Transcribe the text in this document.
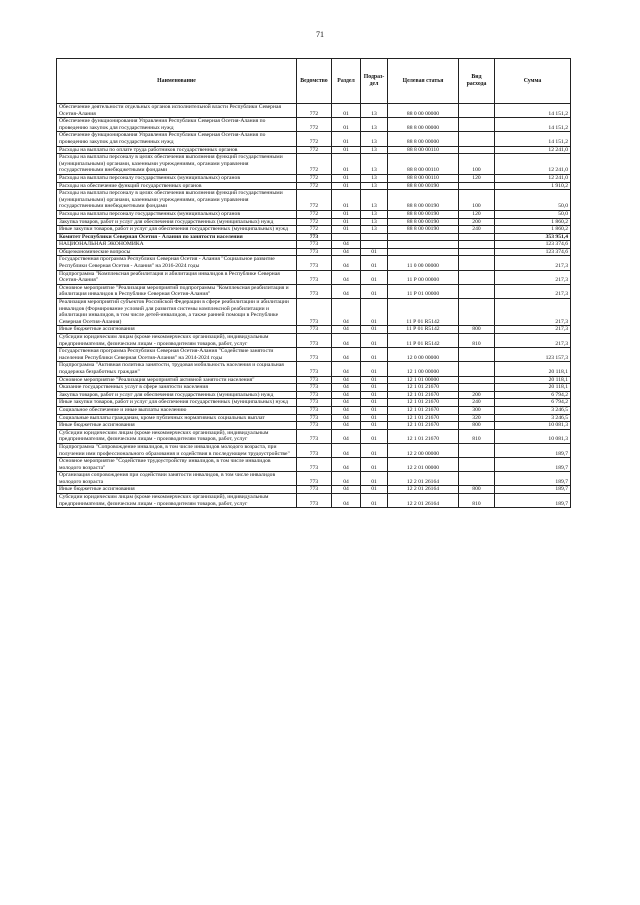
71
Наименование	Ведомство	Раздел	Подраз-дел	Целевая статья	Вид расхода	Сумма
Обеспечение деятельности отдельных органов исполнительной власти Республики Северная Осетия-Алания	772	01	13	88 0 00 00000		14 151,2
Обеспечение функционирования Управления Республики Северная Осетия-Алания по проведению закупок для государственных нужд	772	01	13	88 8 00 00000		14 151,2
Обеспечение функционирования Управления Республики Северная Осетия-Алания по проведению закупок для государственных нужд	772	01	13	88 8 00 00000		14 151,2
Расходы на выплаты по оплате труда работников государственных органов	772	01	13	88 8 00 00110		12 241,0
Расходы на выплаты персоналу в целях обеспечения выполнения функций государственными (муниципальными) органами, казенными учреждениями, органами управления государственными внебюджетными фондами	772	01	13	88 8 00 00110	100	12 241,0
Расходы на выплаты персоналу государственных (муниципальных) органов	772	01	13	88 8 00 00110	120	12 241,0
Расходы на обеспечение функций государственных органов	772	01	13	88 8 00 00190		1 910,2
Расходы на выплаты персоналу в целях обеспечения выполнения функций государственными (муниципальными) органами, казенными учреждениями, органами управления государственными внебюджетными фондами	772	01	13	88 8 00 00190	100	50,0
Расходы на выплаты персоналу государственных (муниципальных) органов	772	01	13	88 8 00 00190	120	50,0
Закупка товаров, работ и услуг для обеспечения государственных (муниципальных) нужд	772	01	13	88 8 00 00190	200	1 860,2
Иные закупки товаров, работ и услуг для обеспечения государственных (муниципальных) нужд	772	01	13	88 8 00 00190	240	1 860,2
Комитет Республики Северная Осетия - Алания по занятости населения	773					353 951,4
НАЦИОНАЛЬНАЯ ЭКОНОМИКА	773	04				123 374,6
Общеэкономические вопросы	773	04	01			123 374,6
Государственная программа Республики Северная Осетия - Алания "Социальное развитие Республики Северная Осетия - Алания" на 2016-2024 годы	773	04	01	11 0 00 00000		217,3
Подпрограмма "Комплексная реабилитация и абилитация инвалидов в Республике Северная Осетия-Алания"	773	04	01	11 Р 00 00000		217,3
Основное мероприятие "Реализация мероприятий подпрограммы "Комплексная реабилитация и абилитация инвалидов в Республике Северная Осетия-Алания"	773	04	01	11 Р 01 00000		217,3
Реализация мероприятий субъектов Российской Федерации в сфере реабилитации и абилитации инвалидов (Формирование условий для развития системы комплексной реабилитации и абилитации инвалидов, в том числе детей-инвалидов, а также ранней помощи в Республике Северная Осетия-Алания)	773	04	01	11 Р 01 R5142		217,3
Иные бюджетные ассигнования	773	04	01	11 Р 01 R5142	800	217,3
Субсидии юридическим лицам (кроме некоммерческих организаций), индивидуальным предпринимателям, физическим лицам - производителям товаров, работ, услуг	773	04	01	11 Р 01 R5142	810	217,3
Государственная программа Республики Северная Осетия-Алания "Содействие занятости населения Республики Северная Осетия-Алания" на 2014-2024 годы	773	04	01	12 0 00 00000		123 157,3
Подпрограмма "Активная политика занятости, трудовая мобильность населения и социальная поддержка безработных граждан"	773	04	01	12 1 00 00000		20 118,1
Основное мероприятие "Реализация мероприятий активной занятости населения"	773	04	01	12 1 01 00000		20 118,1
Оказание государственных услуг в сфере занятости населения	773	04	01	12 1 01 21670		20 118,1
Закупка товаров, работ и услуг для обеспечения государственных (муниципальных) нужд	773	04	01	12 1 01 21670	200	6 794,2
Иные закупки товаров, работ и услуг для обеспечения государственных (муниципальных) нужд	773	04	01	12 1 01 21670	240	6 794,2
Социальное обеспечение и иные выплаты населению	773	04	01	12 1 01 21670	300	3 246,5
Социальные выплаты гражданам, кроме публичных нормативных социальных выплат	773	04	01	12 1 01 21670	320	3 246,5
Иные бюджетные ассигнования	773	04	01	12 1 01 21670	800	10 081,3
Субсидии юридическим лицам (кроме некоммерческих организаций), индивидуальным предпринимателям, физическим лицам - производителям товаров, работ, услуг	773	04	01	12 1 01 21670	810	10 081,3
Подпрограмма "Сопровождение инвалидов, в том числе инвалидов молодого возраста, при получении ими профессионального образования и содействия в последующем трудоустройстве"	773	04	01	12 2 00 00000		189,7
Основное мероприятие "Содействие трудоустройству инвалидов, в том числе инвалидов молодого возраста"	773	04	01	12 2 01 00000		189,7
Организация сопровождения при содействии занятости инвалидов, в том числе инвалидов молодого возраста	773	04	01	12 2 01 26164		189,7
Иные бюджетные ассигнования	773	04	01	12 2 01 26164	800	189,7
Субсидии юридическим лицам (кроме некоммерческих организаций), индивидуальным предпринимателям, физическим лицам - производителям товаров, работ, услуг	773	04	01	12 2 01 26164	810	189,7
